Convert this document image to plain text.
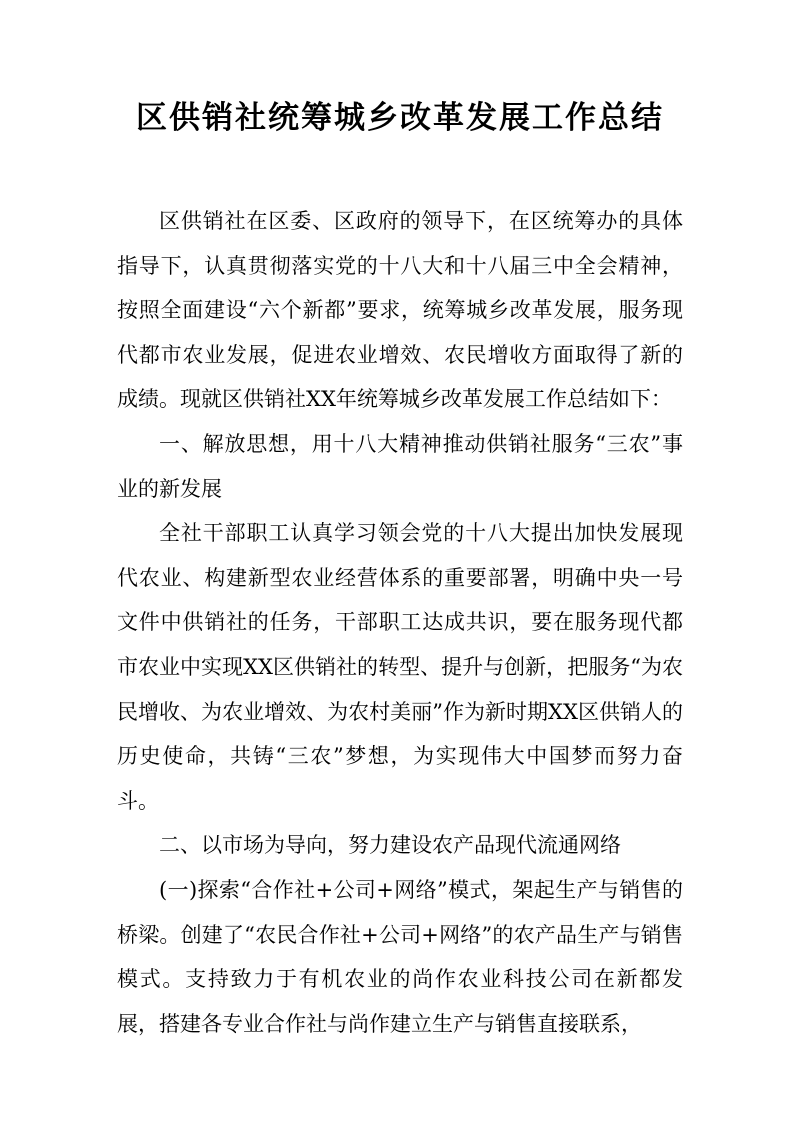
区供销社统筹城乡改革发展工作总结

区供销社在区委、区政府的领导下，在区统筹办的具体指导下，认真贯彻落实党的十八大和十八届三中全会精神，按照全面建设“六个新都”要求，统筹城乡改革发展，服务现代都市农业发展，促进农业增效、农民增收方面取得了新的成绩。现就区供销社XX年统筹城乡改革发展工作总结如下：

一、解放思想，用十八大精神推动供销社服务“三农”事业的新发展

全社干部职工认真学习领会党的十八大提出加快发展现代农业、构建新型农业经营体系的重要部署，明确中央一号文件中供销社的任务，干部职工达成共识，要在服务现代都市农业中实现XX区供销社的转型、提升与创新，把服务“为农民增收、为农业增效、为农村美丽”作为新时期XX区供销人的历史使命，共铸“三农”梦想，为实现伟大中国梦而努力奋斗。

二、以市场为导向，努力建设农产品现代流通网络

(一)探索“合作社+公司+网络”模式，架起生产与销售的桥梁。创建了“农民合作社+公司+网络”的农产品生产与销售模式。支持致力于有机农业的尚作农业科技公司在新都发展，搭建各专业合作社与尚作建立生产与销售直接联系，
